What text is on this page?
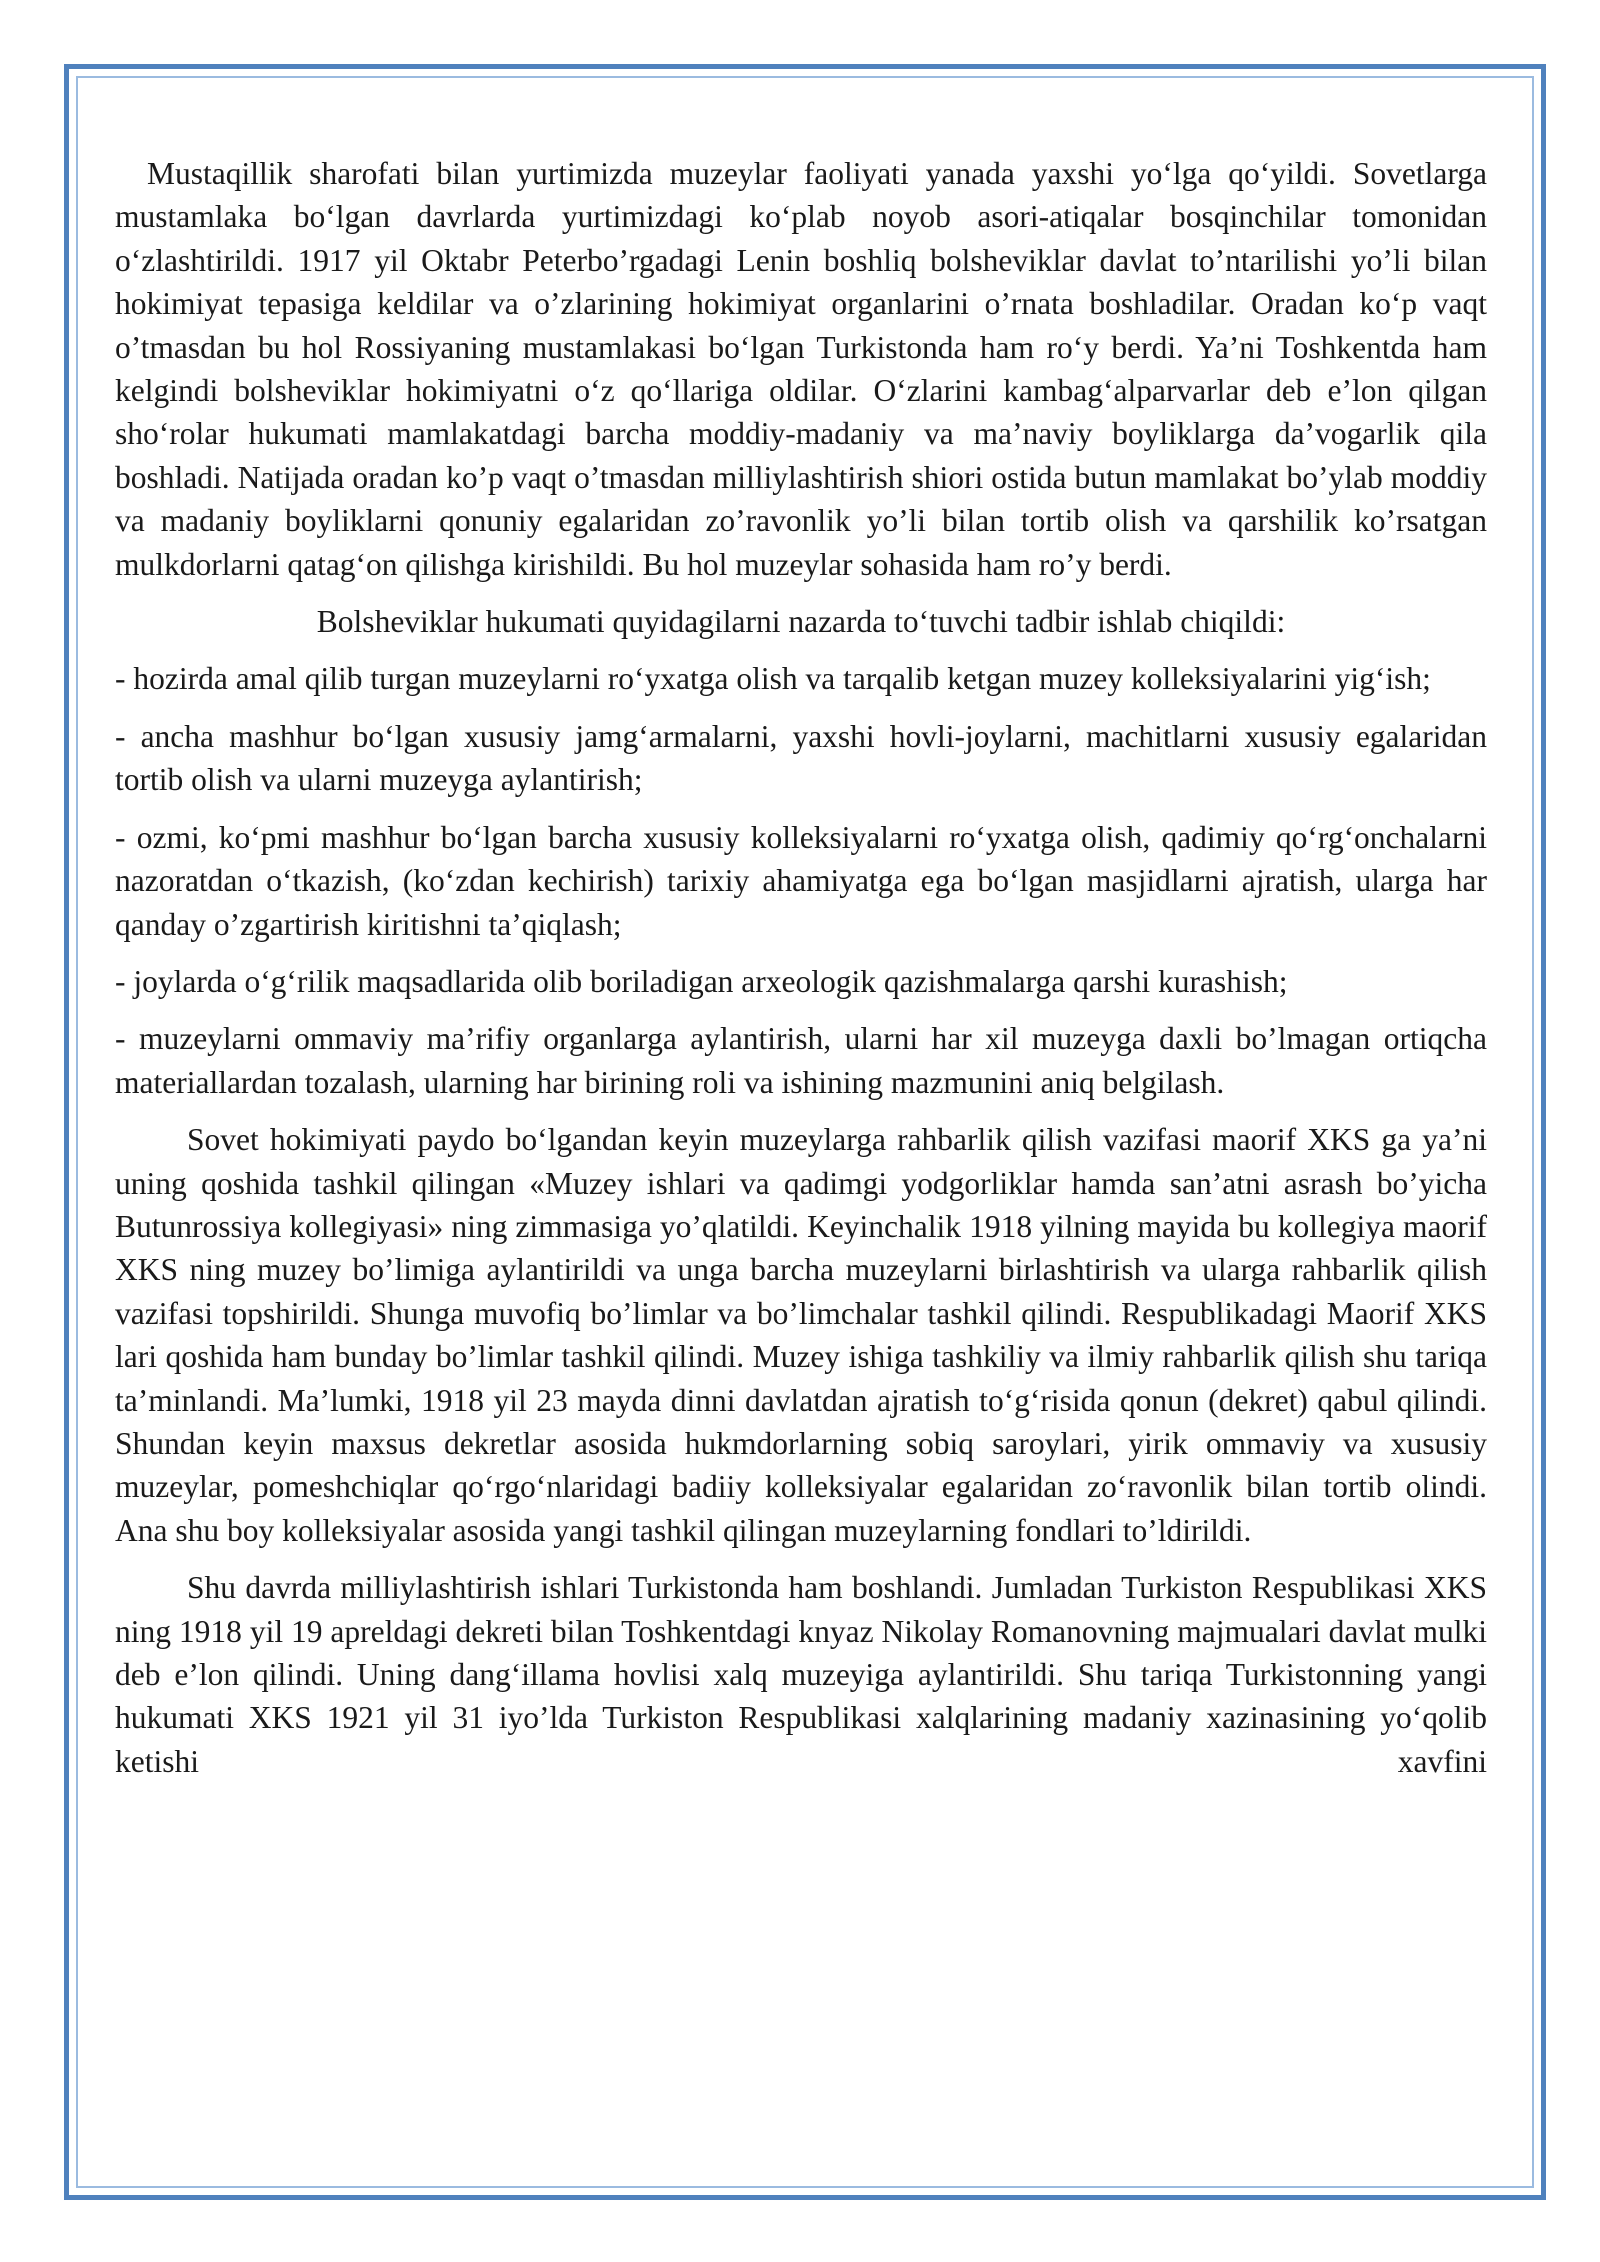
Mustaqillik sharofati bilan yurtimizda muzeylar faoliyati yanada yaxshi yo‘lga qo‘yildi. Sovetlarga mustamlaka bo‘lgan davrlarda yurtimizdagi ko‘plab noyob asori-atiqalar bosqinchilar tomonidan o‘zlashtirildi. 1917 yil Oktabr Peterbo’rgadagi Lenin boshliq bolsheviklar davlat to’ntarilishi yo’li bilan hokimiyat tepasiga keldilar va o’zlarining hokimiyat organlarini o’rnata boshladilar. Oradan ko‘p vaqt o’tmasdan bu hol Rossiyaning mustamlakasi bo‘lgan Turkistonda ham ro‘y berdi. Ya’ni Toshkentda ham kelgindi bolsheviklar hokimiyatni o‘z qo‘llariga oldilar. O‘zlarini kambag‘alparvarlar deb e’lon qilgan sho‘rolar hukumati mamlakatdagi barcha moddiy-madaniy va ma’naviy boyliklarga da’vogarlik qila boshladi. Natijada oradan ko’p vaqt o’tmasdan milliylashtirish shiori ostida butun mamlakat bo’ylab moddiy va madaniy boyliklarni qonuniy egalaridan zo’ravonlik yo’li bilan tortib olish va qarshilik ko’rsatgan mulkdorlarni qatag‘on qilishga kirishildi. Bu hol muzeylar sohasida ham ro’y berdi.

Bolsheviklar hukumati quyidagilarni nazarda to‘tuvchi tadbir ishlab chiqildi:

- hozirda amal qilib turgan muzeylarni ro‘yxatga olish va tarqalib ketgan muzey kolleksiyalarini yig‘ish;

- ancha mashhur bo‘lgan xususiy jamg‘armalarni, yaxshi hovli-joylarni, machitlarni xususiy egalaridan tortib olish va ularni muzeyga aylantirish;

- ozmi, ko‘pmi mashhur bo‘lgan barcha xususiy kolleksiyalarni ro‘yxatga olish, qadimiy qo‘rg‘onchalarni nazoratdan o‘tkazish, (ko‘zdan kechirish) tarixiy ahamiyatga ega bo‘lgan masjidlarni ajratish, ularga har qanday o’zgartirish kiritishni ta’qiqlash;

- joylarda o‘g‘rilik maqsadlarida olib boriladigan arxeologik qazishmalarga qarshi kurashish;

- muzeylarni ommaviy ma’rifiy organlarga aylantirish, ularni har xil muzeyga daxli bo’lmagan ortiqcha materiallardan tozalash, ularning har birining roli va ishining mazmunini aniq belgilash.

Sovet hokimiyati paydo bo‘lgandan keyin muzeylarga rahbarlik qilish vazifasi maorif XKS ga ya’ni uning qoshida tashkil qilingan «Muzey ishlari va qadimgi yodgorliklar hamda san’atni asrash bo’yicha Butunrossiya kollegiyasi» ning zimmasiga yo’qlatildi. Keyinchalik 1918 yilning mayida bu kollegiya maorif XKS ning muzey bo’limiga aylantirildi va unga barcha muzeylarni birlashtirish va ularga rahbarlik qilish vazifasi topshirildi. Shunga muvofiq bo’limlar va bo’limchalar tashkil qilindi. Respublikadagi Maorif XKS lari qoshida ham bunday bo’limlar tashkil qilindi. Muzey ishiga tashkiliy va ilmiy rahbarlik qilish shu tariqa ta’minlandi. Ma’lumki, 1918 yil 23 mayda dinni davlatdan ajratish to‘g‘risida qonun (dekret) qabul qilindi. Shundan keyin maxsus dekretlar asosida hukmdorlarning sobiq saroylari, yirik ommaviy va xususiy muzeylar, pomeshchiqlar qo‘rgo‘nlaridagi badiiy kolleksiyalar egalaridan zo‘ravonlik bilan tortib olindi. Ana shu boy kolleksiyalar asosida yangi tashkil qilingan muzeylarning fondlari to’ldirildi.

Shu davrda milliylashtirish ishlari Turkistonda ham boshlandi. Jumladan Turkiston Respublikasi XKS ning 1918 yil 19 apreldagi dekreti bilan Toshkentdagi knyaz Nikolay Romanovning majmualari davlat mulki deb e’lon qilindi. Uning dang‘illama hovlisi xalq muzeyiga aylantirildi. Shu tariqa Turkistonning yangi hukumati XKS 1921 yil 31 iyo’lda Turkiston Respublikasi xalqlarining madaniy xazinasining yo‘qolib ketishi xavfini
